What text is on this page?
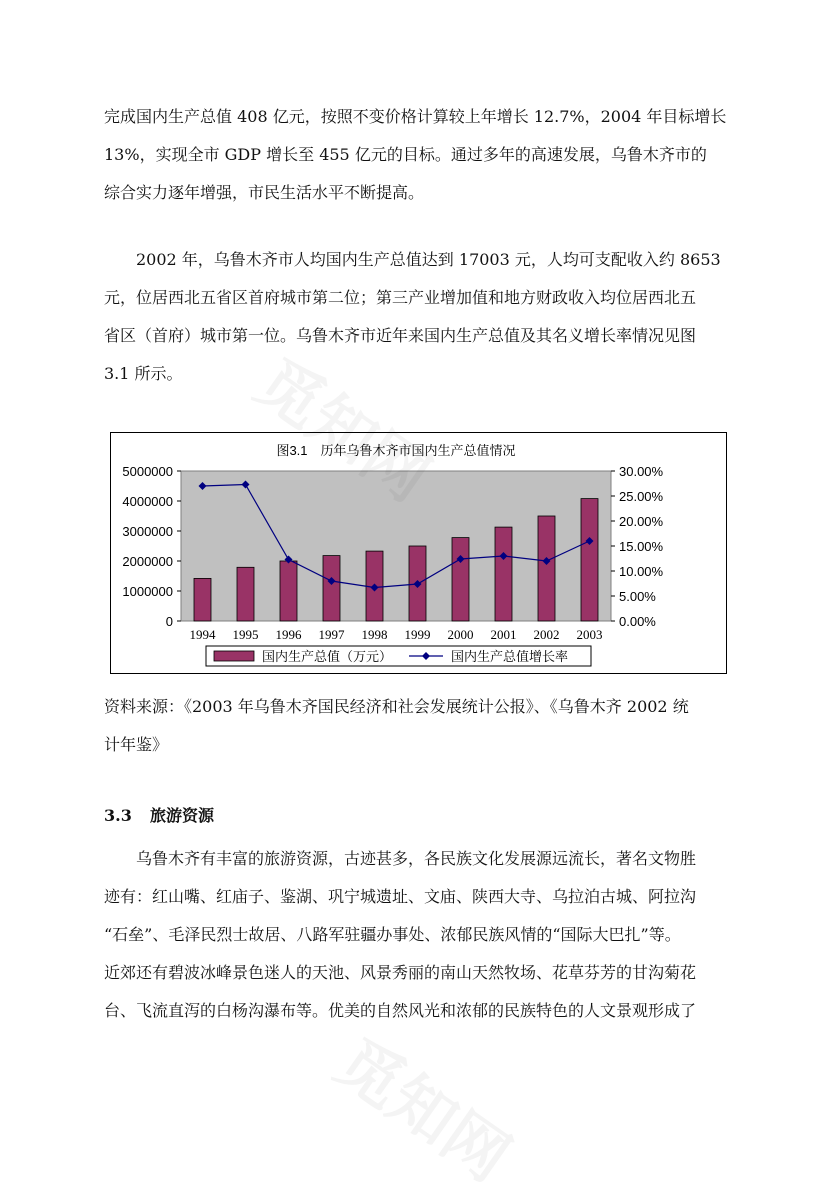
完成国内生产总值 408 亿元，按照不变价格计算较上年增长 12.7%，2004 年目标增长
13%，实现全市 GDP 增长至 455 亿元的目标。通过多年的高速发展，乌鲁木齐市的
综合实力逐年增强，市民生活水平不断提高。
2002 年，乌鲁木齐市人均国内生产总值达到 17003 元，人均可支配收入约 8653
元，位居西北五省区首府城市第二位；第三产业增加值和地方财政收入均位居西北五
省区（首府）城市第一位。乌鲁木齐市近年来国内生产总值及其名义增长率情况见图
3.1 所示。
图3.1　历年乌鲁木齐市国内生产总值情况
5000000
4000000
3000000
2000000
1000000
0
30.00%
25.00%
20.00%
15.00%
10.00%
5.00%
0.00%
1994 1995 1996 1997 1998 1999 2000 2001 2002 2003
国内生产总值（万元）	国内生产总值增长率
资料来源：《2003 年乌鲁木齐国民经济和社会发展统计公报》、《乌鲁木齐 2002 统
计年鉴》
3.3 旅游资源
乌鲁木齐有丰富的旅游资源，古迹甚多，各民族文化发展源远流长，著名文物胜
迹有：红山嘴、红庙子、鉴湖、巩宁城遗址、文庙、陕西大寺、乌拉泊古城、阿拉沟
“石垒”、毛泽民烈士故居、八路军驻疆办事处、浓郁民族风情的“国际大巴扎”等。
近郊还有碧波冰峰景色迷人的天池、风景秀丽的南山天然牧场、花草芬芳的甘沟菊花
台、飞流直泻的白杨沟瀑布等。优美的自然风光和浓郁的民族特色的人文景观形成了
